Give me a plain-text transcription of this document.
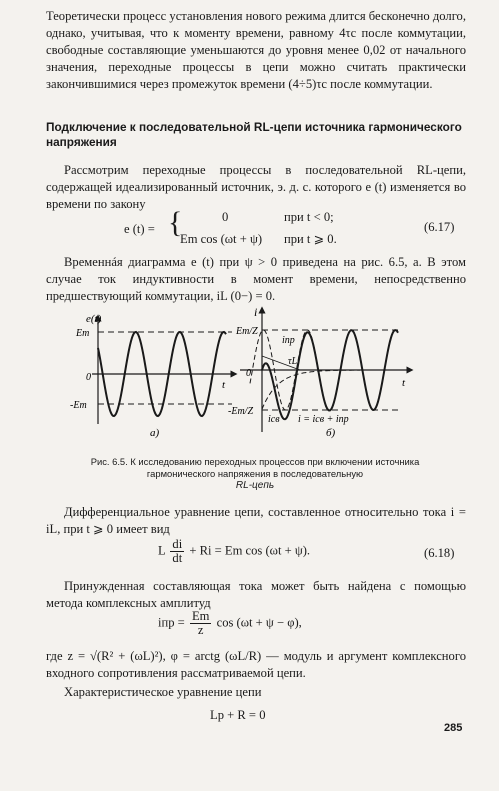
Теоретически процесс установления нового режима длится бесконечно долго, однако, учитывая, что к моменту времени, равному 4τc после коммутации, свободные составляющие уменьшаются до уровня менее 0,02 от начального значения, переходные процессы в цепи можно считать практически закончившимися через промежуток времени (4÷5)τc после коммутации.
Подключение к последовательной RL-цепи источника гармонического напряжения
Рассмотрим переходные процессы в последовательной RL-цепи, содержащей идеализированный источник, э. д. с. которого e (t) изменяется во времени по закону
e (t) = {	0	при t < 0;
Em cos (ωt + ψ) при t ⩾ 0.
(6.17)
Временнáя диаграмма e (t) при ψ > 0 приведена на рис. 6.5, а. В этом случае ток индуктивности в момент времени, непосредственно предшествующий коммутации, iL (0−) = 0.
e(t)
Em
0
-Em
t
а)
i
Em/Z
0
-Em/Z
t
iпр
τL
iсв i = iсв + iпр
б)
Рис. 6.5. К исследованию переходных процессов при включении источника гармонического напряжения в последовательную
RL-цепь
Дифференциальное уравнение цепи, составленное относительно тока i = iL, при t ⩾ 0 имеет вид
L $\frac{di}{dt} + Ri = Em$ cos (ωt + ψ).	(6.18)
Принужденная составляющая тока может быть найдена с помощью метода комплексных амплитуд
iпр = $\frac{Em}{z}$ cos (ωt + ψ − φ),
где z = √(R² + (ωL)²), φ = arctg (ωL/R) — модуль и аргумент комплексного входного сопротивления рассматриваемой цепи.
Характеристическое уравнение цепи
Lp + R = 0
285
